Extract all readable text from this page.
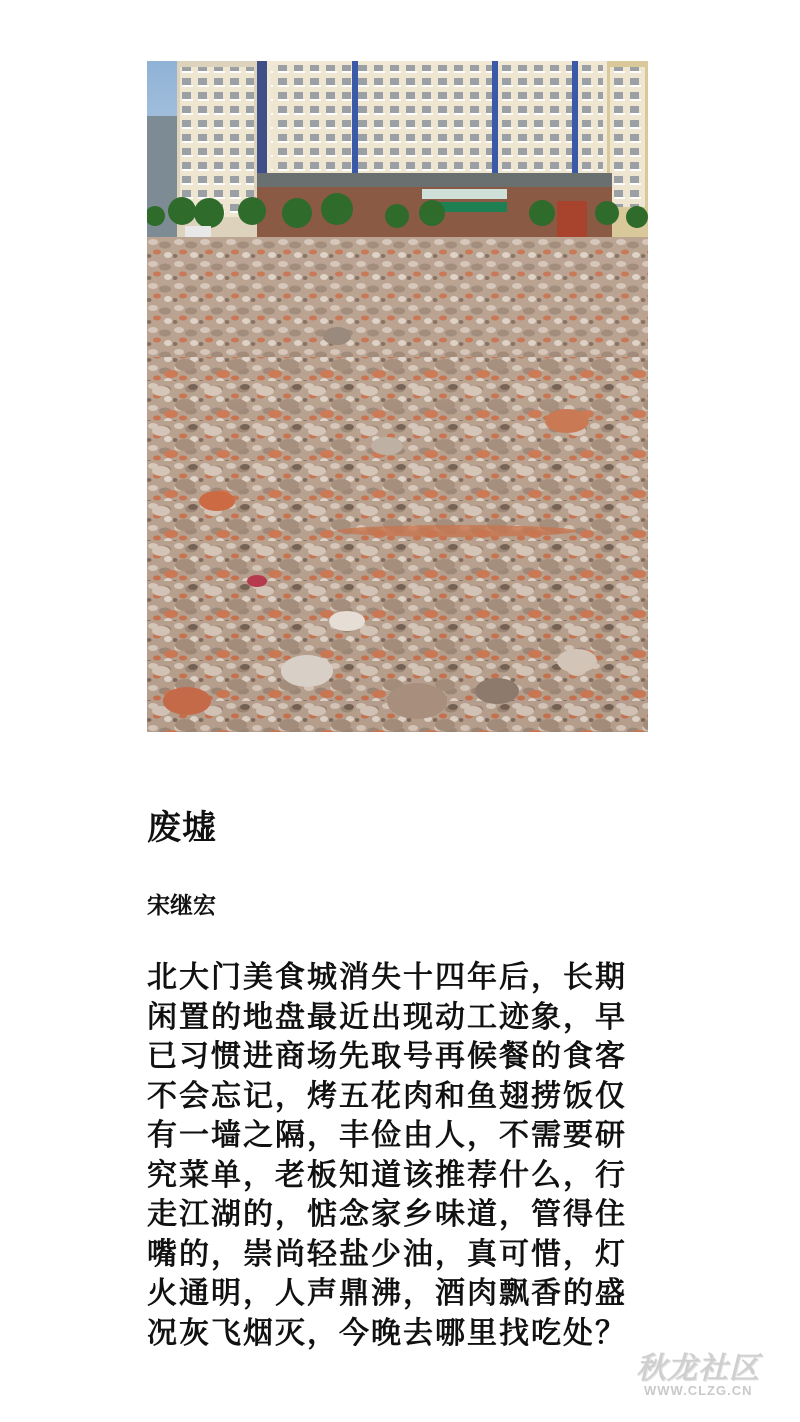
废墟

宋继宏

北大门美食城消失十四年后，长期
闲置的地盘最近出现动工迹象，早
已习惯进商场先取号再候餐的食客
不会忘记，烤五花肉和鱼翅捞饭仅
有一墙之隔，丰俭由人，不需要研
究菜单，老板知道该推荐什么，行
走江湖的，惦念家乡味道，管得住
嘴的，崇尚轻盐少油，真可惜，灯
火通明，人声鼎沸，酒肉飘香的盛
况灰飞烟灭，今晚去哪里找吃处？
秋龙社区
WWW.CLZG.CN
